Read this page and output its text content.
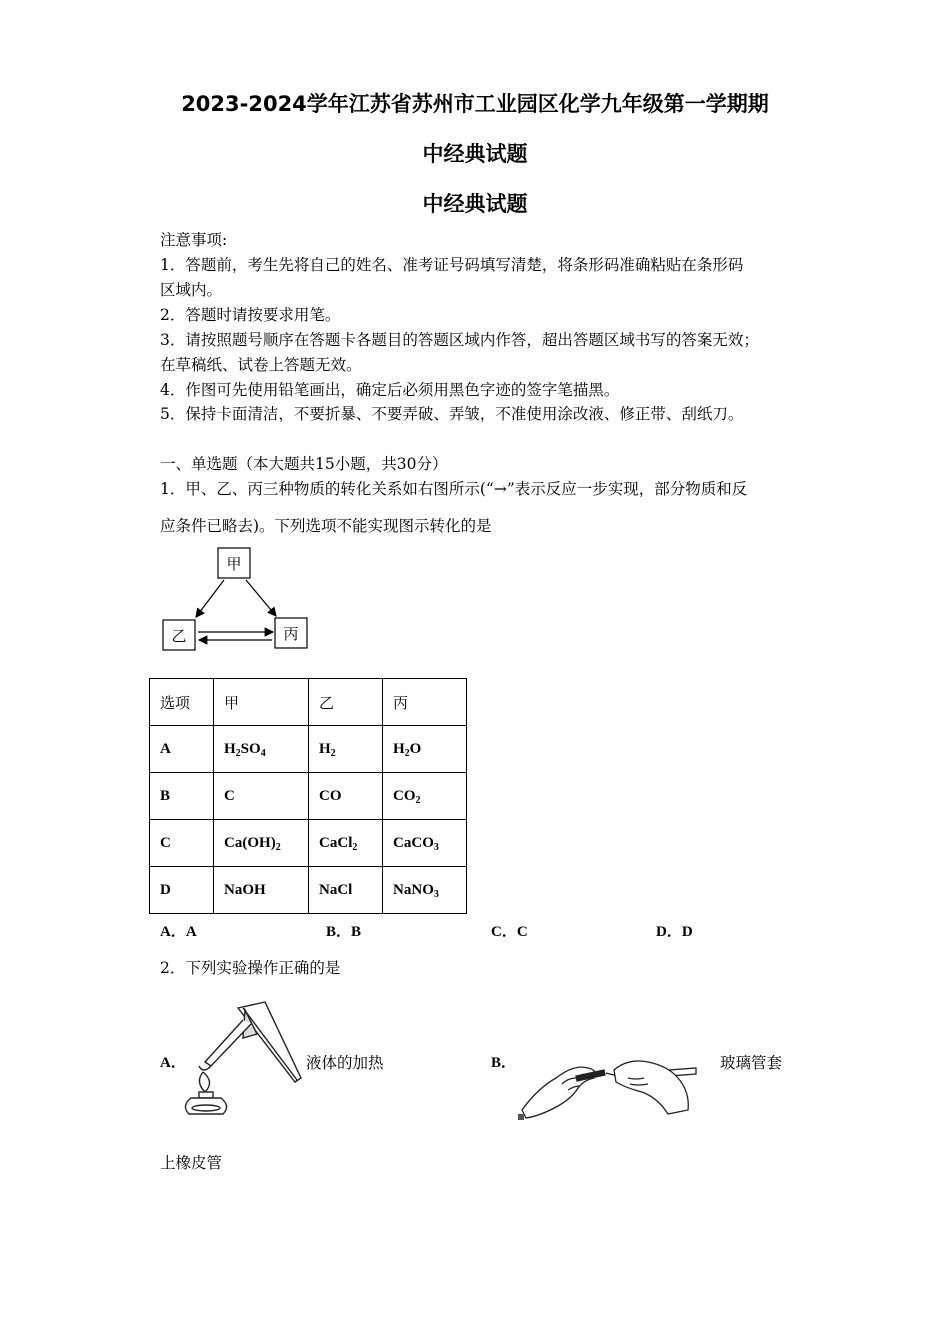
2023-2024学年江苏省苏州市工业园区化学九年级第一学期期
中经典试题
中经典试题
注意事项:
1．答题前，考生先将自己的姓名、准考证号码填写清楚，将条形码准确粘贴在条形码
区域内。
2．答题时请按要求用笔。
3．请按照题号顺序在答题卡各题目的答题区域内作答，超出答题区域书写的答案无效；
在草稿纸、试卷上答题无效。
4．作图可先使用铅笔画出，确定后必须用黑色字迹的签字笔描黑。
5．保持卡面清洁，不要折暴、不要弄破、弄皱，不准使用涂改液、修正带、刮纸刀。
一、单选题（本大题共15小题，共30分）
1．甲、乙、丙三种物质的转化关系如右图所示(“→”表示反应一步实现，部分物质和反
应条件已略去)。下列选项不能实现图示转化的是
甲
乙	丙
选项	甲	乙	丙
A	$H_2SO_4$	$H_2$	$H_2O$
B	C	CO	$CO_2$
C	$Ca(OH)_2$	CaCl$_2$	CaCO$_3$
D	NaOH	NaCl	NaNO$_3$
A．A	B．B	C．C	D．D
2．下列实验操作正确的是
A．	液体的加热	B．	玻璃管套
上橡皮管
